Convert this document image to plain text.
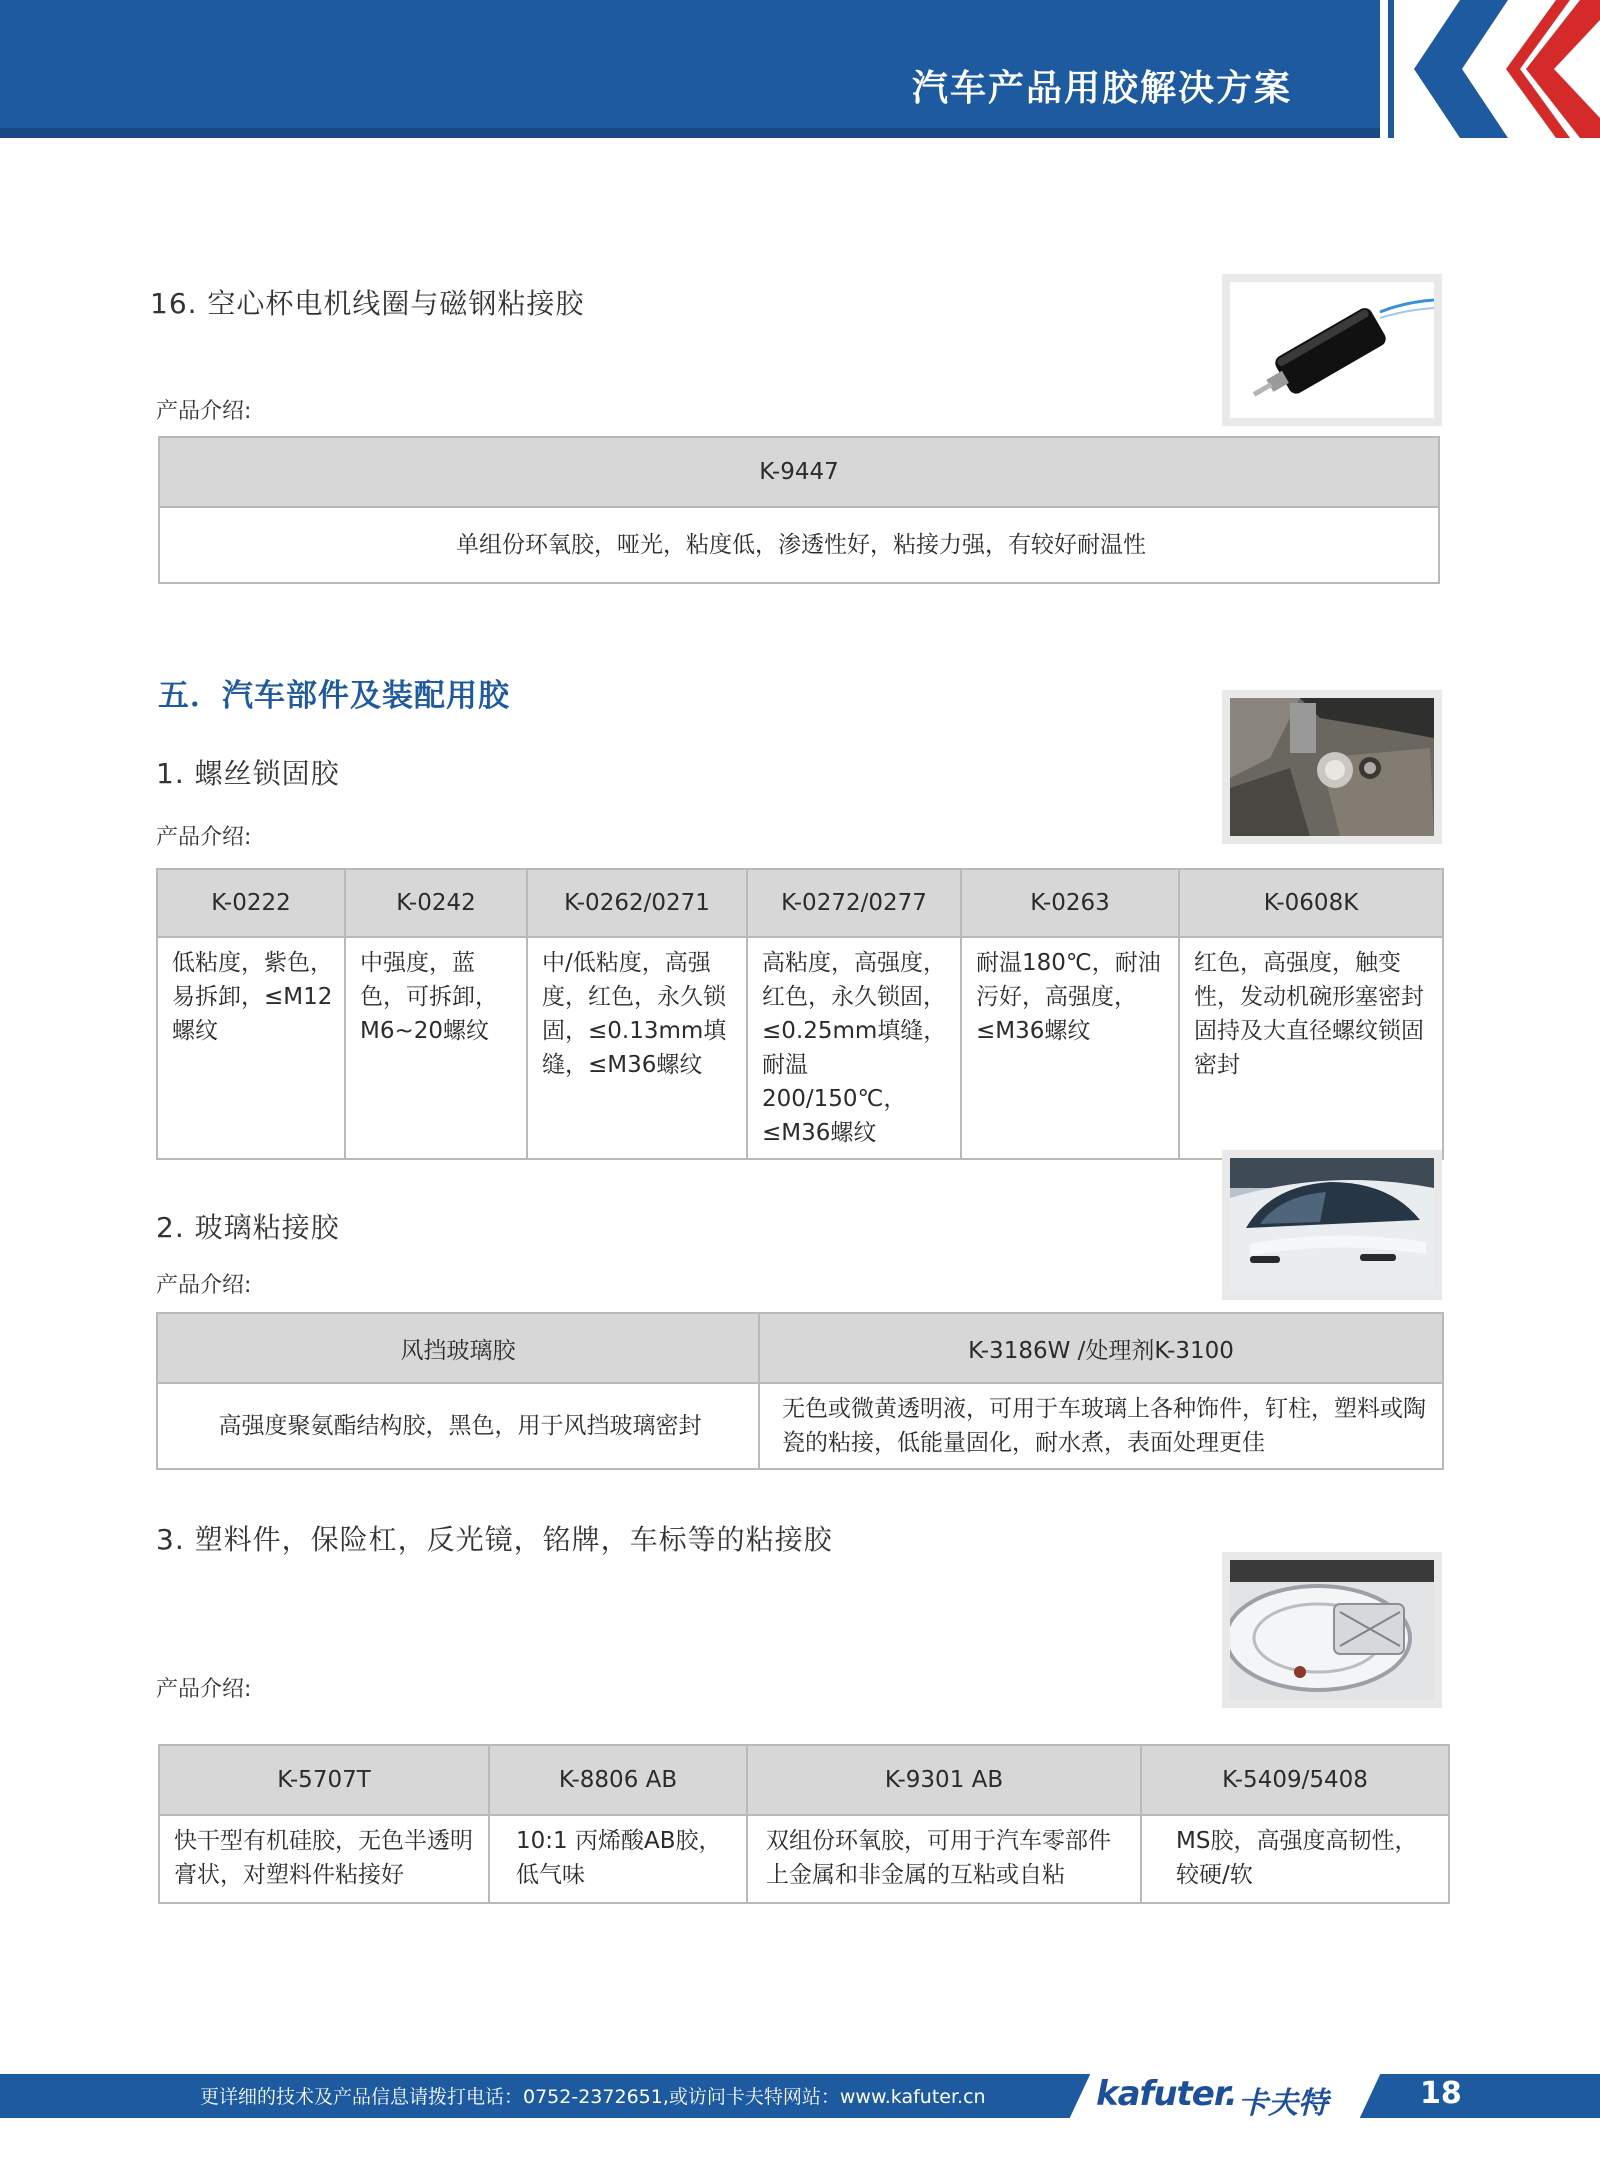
汽车产品用胶解决方案
16. 空心杯电机线圈与磁钢粘接胶
产品介绍:
K-9447
单组份环氧胶，哑光，粘度低，渗透性好，粘接力强，有较好耐温性
五．汽车部件及装配用胶
1. 螺丝锁固胶
产品介绍:
K-0222	K-0242	K-0262/0271	K-0272/0277	K-0263	K-0608K
低粘度，紫色，易拆卸，≤M12螺纹	中强度，蓝色，可拆卸，M6~20螺纹	中/低粘度，高强度，红色，永久锁固，≤0.13mm填缝，≤M36螺纹	高粘度，高强度，红色，永久锁固，≤0.25mm填缝，耐温200/150℃，≤M36螺纹	耐温180℃，耐油污好，高强度，≤M36螺纹	红色，高强度，触变性，发动机碗形塞密封固持及大直径螺纹锁固密封
2. 玻璃粘接胶
产品介绍:
风挡玻璃胶	K-3186W /处理剂K-3100
高强度聚氨酯结构胶，黑色，用于风挡玻璃密封	无色或微黄透明液，可用于车玻璃上各种饰件，钉柱，塑料或陶瓷的粘接，低能量固化，耐水煮，表面处理更佳
3. 塑料件，保险杠，反光镜，铭牌，车标等的粘接胶
产品介绍:
K-5707T	K-8806 AB	K-9301 AB	K-5409/5408
快干型有机硅胶，无色半透明膏状，对塑料件粘接好	10:1 丙烯酸AB胶，低气味	双组份环氧胶，可用于汽车零部件上金属和非金属的互粘或自粘	MS胶，高强度高韧性，较硬/软
更详细的技术及产品信息请拨打电话：0752-2372651,或访问卡夫特网站：www.kafuter.cn	kafuter. 卡夫特	18
